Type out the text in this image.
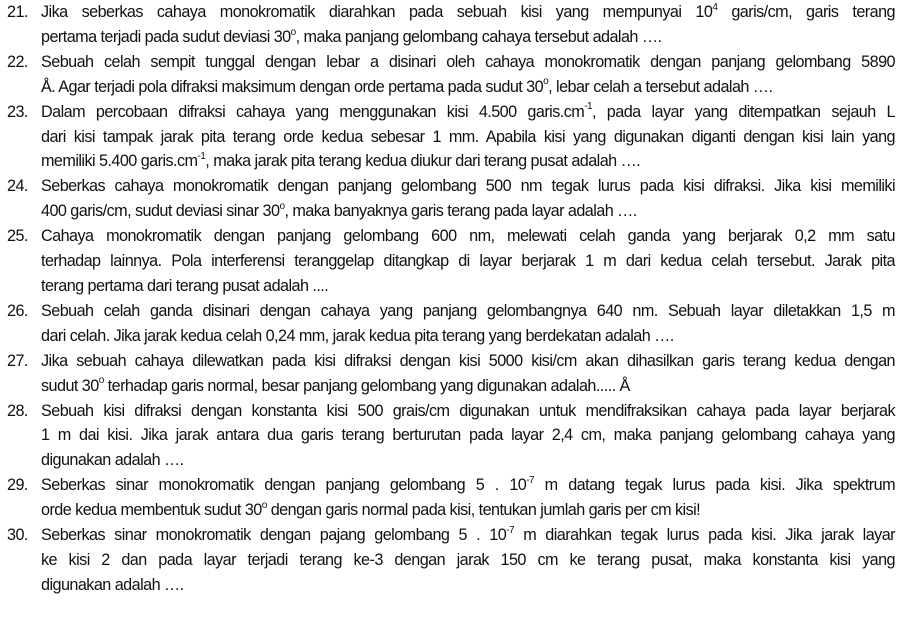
21. Jika seberkas cahaya monokromatik diarahkan pada sebuah kisi yang mempunyai $10^4$ garis/cm, garis terang
pertama terjadi pada sudut deviasi 30$^o$, maka panjang gelombang cahaya tersebut adalah ….
22. Sebuah celah sempit tunggal dengan lebar a disinari oleh cahaya monokromatik dengan panjang gelombang 5890
Å. Agar terjadi pola difraksi maksimum dengan orde pertama pada sudut 30$^o$, lebar celah a tersebut adalah ….
23. Dalam percobaan difraksi cahaya yang menggunakan kisi 4.500 $garis.cm^{-1}$, pada layar yang ditempatkan sejauh L
dari kisi tampak jarak pita terang orde kedua sebesar 1 mm. Apabila kisi yang digunakan diganti dengan kisi lain yang
memiliki 5.400 $garis.cm^{-1}$, maka jarak pita terang kedua diukur dari terang pusat adalah ….
24. Seberkas cahaya monokromatik dengan panjang gelombang 500 nm tegak lurus pada kisi difraksi. Jika kisi memiliki
400 garis/cm, sudut deviasi sinar 30$^o$, maka banyaknya garis terang pada layar adalah ….
25. Cahaya monokromatik dengan panjang gelombang 600 nm, melewati celah ganda yang berjarak 0,2 mm satu
terhadap lainnya. Pola interferensi teranggelap ditangkap di layar berjarak 1 m dari kedua celah tersebut. Jarak pita
terang pertama dari terang pusat adalah ....
26. Sebuah celah ganda disinari dengan cahaya yang panjang gelombangnya 640 nm. Sebuah layar diletakkan 1,5 m
dari celah. Jika jarak kedua celah 0,24 mm, jarak kedua pita terang yang berdekatan adalah ….
27. Jika sebuah cahaya dilewatkan pada kisi difraksi dengan kisi 5000 kisi/cm akan dihasilkan garis terang kedua dengan
sudut 30$^o$ terhadap garis normal, besar panjang gelombang yang digunakan adalah..... Å
28. Sebuah kisi difraksi dengan konstanta kisi 500 grais/cm digunakan untuk mendifraksikan cahaya pada layar berjarak
1 m dai kisi. Jika jarak antara dua garis terang berturutan pada layar 2,4 cm, maka panjang gelombang cahaya yang
digunakan adalah ….
29. Seberkas sinar monokromatik dengan panjang gelombang 5 . $10^{-7}$ m datang tegak lurus pada kisi. Jika spektrum
orde kedua membentuk sudut 30$^o$ dengan garis normal pada kisi, tentukan jumlah garis per cm kisi!
30. Seberkas sinar monokromatik dengan pajang gelombang 5 . $10^{-7}$ m diarahkan tegak lurus pada kisi. Jika jarak layar
ke kisi 2 dan pada layar terjadi terang ke-3 dengan jarak 150 cm ke terang pusat, maka konstanta kisi yang
digunakan adalah ….
